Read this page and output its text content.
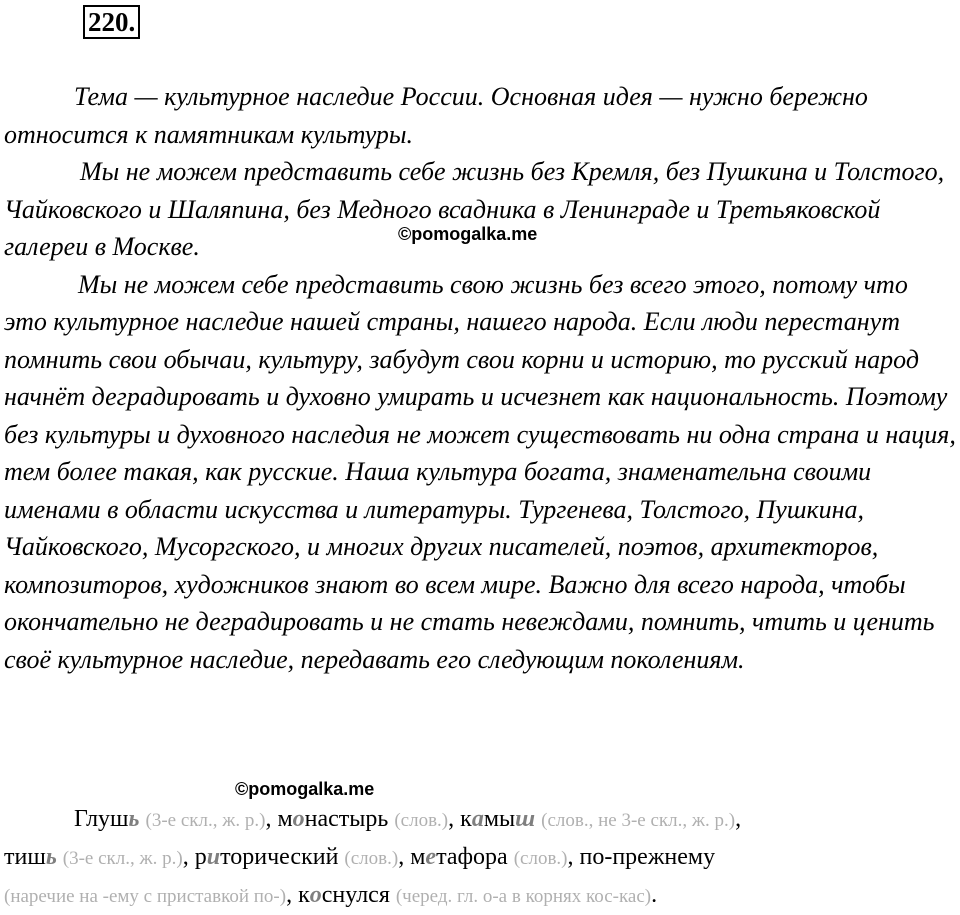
220.

Тема — культурное наследие России. Основная идея — нужно бережно относится к памятникам культуры.

Мы не можем представить себе жизнь без Кремля, без Пушкина и Толстого, Чайковского и Шаляпина, без Медного всадника в Ленинграде и Третьяковской галереи в Москве.

Мы не можем себе представить свою жизнь без всего этого, потому что это культурное наследие нашей страны, нашего народа. Если люди перестанут помнить свои обычаи, культуру, забудут свои корни и историю, то русский народ начнёт деградировать и духовно умирать и исчезнет как национальность. Поэтому без культуры и духовного наследия не может существовать ни одна страна и нация, тем более такая, как русские. Наша культура богата, знаменательна своими именами в области искусства и литературы. Тургенева, Толстого, Пушкина, Чайковского, Мусоргского, и многих других писателей, поэтов, архитекторов, композиторов, художников знают во всем мире. Важно для всего народа, чтобы окончательно не деградировать и не стать невеждами, помнить, чтить и ценить своё культурное наследие, передавать его следующим поколениям.

©pomogalka.me
©pomogalka.me

Глушь (3-е скл., ж. р.), монастырь (слов.), камыш (слов., не 3-е скл., ж. р.),

тишь (3-е скл., ж. р.), риторический (слов.), метафора (слов.), по-прежнему

(наречие на -ему с приставкой по-), коснулся (черед. гл. о-а в корнях кос-кас).
